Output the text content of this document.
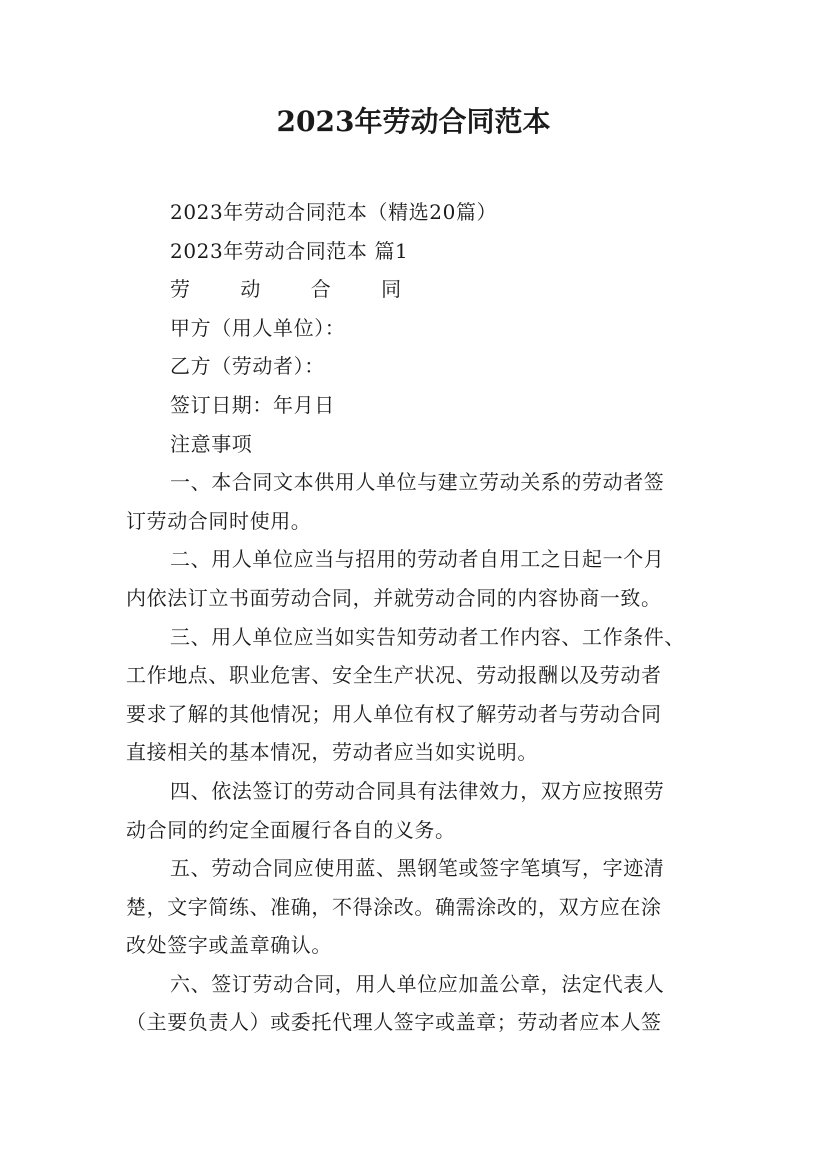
2023年劳动合同范本

2023年劳动合同范本（精选20篇）

2023年劳动合同范本 篇1

劳 动 合 同

甲方（用人单位）：

乙方（劳动者）：

签订日期：年月日

注意事项

一、本合同文本供用人单位与建立劳动关系的劳动者签

订劳动合同时使用。

二、用人单位应当与招用的劳动者自用工之日起一个月

内依法订立书面劳动合同，并就劳动合同的内容协商一致。

三、用人单位应当如实告知劳动者工作内容、工作条件、

工作地点、职业危害、安全生产状况、劳动报酬以及劳动者

要求了解的其他情况；用人单位有权了解劳动者与劳动合同

直接相关的基本情况，劳动者应当如实说明。

四、依法签订的劳动合同具有法律效力，双方应按照劳

动合同的约定全面履行各自的义务。

五、劳动合同应使用蓝、黑钢笔或签字笔填写，字迹清

楚，文字简练、准确，不得涂改。确需涂改的，双方应在涂

改处签字或盖章确认。

六、签订劳动合同，用人单位应加盖公章，法定代表人

（主要负责人）或委托代理人签字或盖章；劳动者应本人签
